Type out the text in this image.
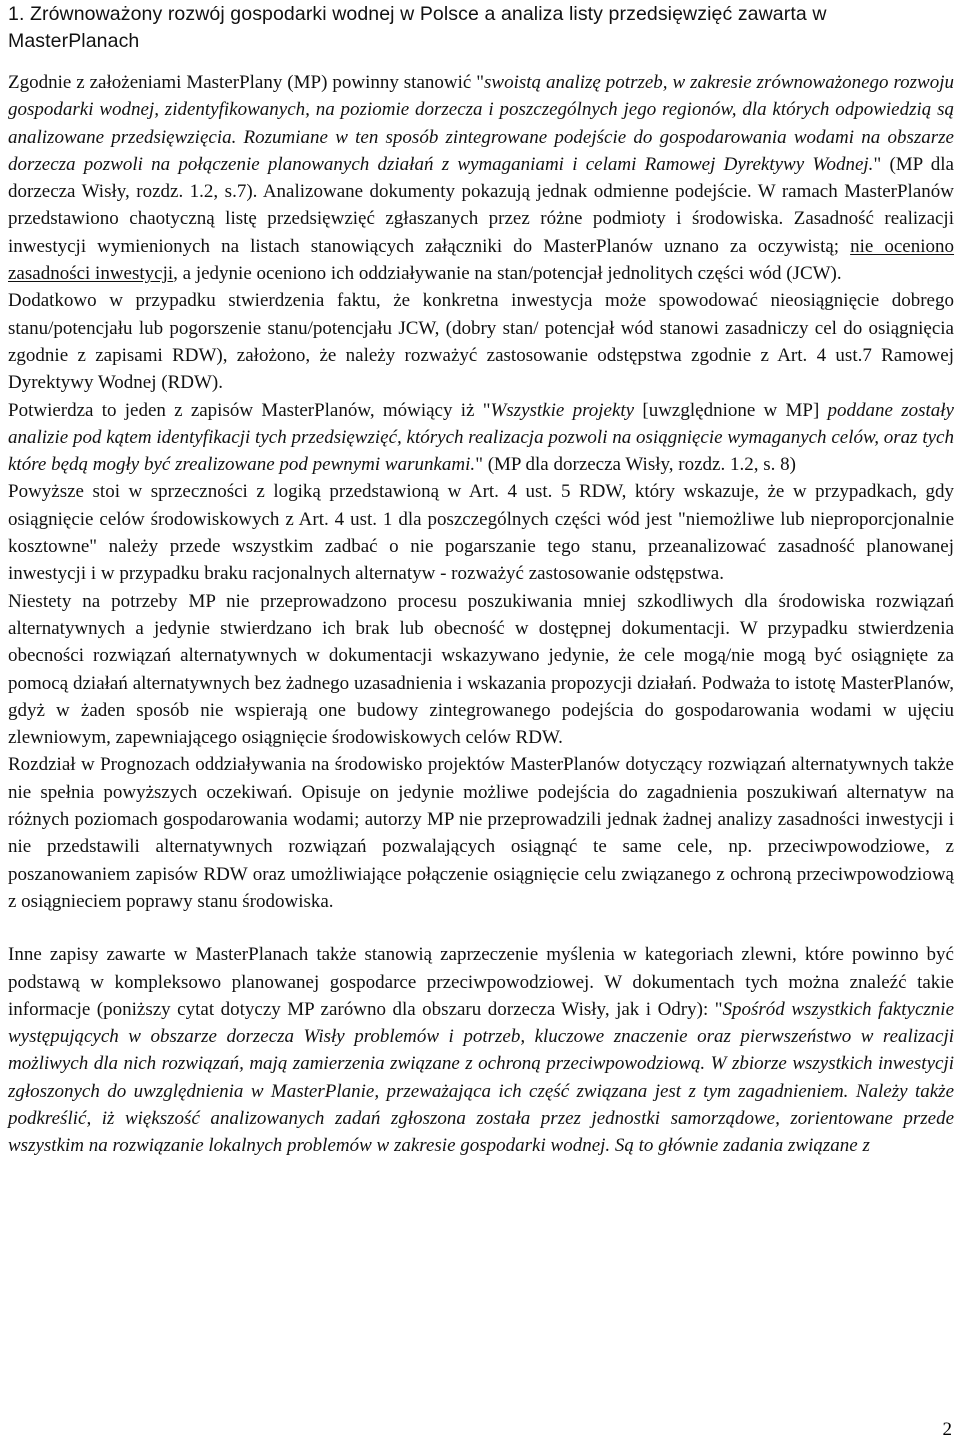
1. Zrównoważony rozwój gospodarki wodnej w Polsce a analiza listy przedsięwzięć zawarta w MasterPlanach

Zgodnie z założeniami MasterPlany (MP) powinny stanowić "swoistą analizę potrzeb, w zakresie zrównoważonego rozwoju gospodarki wodnej, zidentyfikowanych, na poziomie dorzecza i poszczególnych jego regionów, dla których odpowiedzią są analizowane przedsięwzięcia. Rozumiane w ten sposób zintegrowane podejście do gospodarowania wodami na obszarze dorzecza pozwoli na połączenie planowanych działań z wymaganiami i celami Ramowej Dyrektywy Wodnej." (MP dla dorzecza Wisły, rozdz. 1.2, s.7). Analizowane dokumenty pokazują jednak odmienne podejście. W ramach MasterPlanów przedstawiono chaotyczną listę przedsięwzięć zgłaszanych przez różne podmioty i środowiska. Zasadność realizacji inwestycji wymienionych na listach stanowiących załączniki do MasterPlanów uznano za oczywistą; nie oceniono zasadności inwestycji, a jedynie oceniono ich oddziaływanie na stan/potencjał jednolitych części wód (JCW).

Dodatkowo w przypadku stwierdzenia faktu, że konkretna inwestycja może spowodować nieosiągnięcie dobrego stanu/potencjału lub pogorszenie stanu/potencjału JCW, (dobry stan/ potencjał wód stanowi zasadniczy cel do osiągnięcia zgodnie z zapisami RDW), założono, że należy rozważyć zastosowanie odstępstwa zgodnie z Art. 4 ust.7 Ramowej Dyrektywy Wodnej (RDW).

Potwierdza to jeden z zapisów MasterPlanów, mówiący iż "Wszystkie projekty [uwzględnione w MP] poddane zostały analizie pod kątem identyfikacji tych przedsięwzięć, których realizacja pozwoli na osiągnięcie wymaganych celów, oraz tych które będą mogły być zrealizowane pod pewnymi warunkami." (MP dla dorzecza Wisły, rozdz. 1.2, s. 8)

Powyższe stoi w sprzeczności z logiką przedstawioną w Art. 4 ust. 5 RDW, który wskazuje, że w przypadkach, gdy osiągnięcie celów środowiskowych z Art. 4 ust. 1 dla poszczególnych części wód jest "niemożliwe lub nieproporcjonalnie kosztowne" należy przede wszystkim zadbać o nie pogarszanie tego stanu, przeanalizować zasadność planowanej inwestycji i w przypadku braku racjonalnych alternatyw - rozważyć zastosowanie odstępstwa.

Niestety na potrzeby MP nie przeprowadzono procesu poszukiwania mniej szkodliwych dla środowiska rozwiązań alternatywnych a jedynie stwierdzano ich brak lub obecność w dostępnej dokumentacji. W przypadku stwierdzenia obecności rozwiązań alternatywnych w dokumentacji wskazywano jedynie, że cele mogą/nie mogą być osiągnięte za pomocą działań alternatywnych bez żadnego uzasadnienia i wskazania propozycji działań. Podważa to istotę MasterPlanów, gdyż w żaden sposób nie wspierają one budowy zintegrowanego podejścia do gospodarowania wodami w ujęciu zlewniowym, zapewniającego osiągnięcie środowiskowych celów RDW.

Rozdział w Prognozach oddziaływania na środowisko projektów MasterPlanów dotyczący rozwiązań alternatywnych także nie spełnia powyższych oczekiwań. Opisuje on jedynie możliwe podejścia do zagadnienia poszukiwań alternatyw na różnych poziomach gospodarowania wodami; autorzy MP nie przeprowadzili jednak żadnej analizy zasadności inwestycji i nie przedstawili alternatywnych rozwiązań pozwalających osiągnąć te same cele, np. przeciwpowodziowe, z poszanowaniem zapisów RDW oraz umożliwiające połączenie osiągnięcie celu związanego z ochroną przeciwpowodziową z osiągnieciem poprawy stanu środowiska.

Inne zapisy zawarte w MasterPlanach także stanowią zaprzeczenie myślenia w kategoriach zlewni, które powinno być podstawą w kompleksowo planowanej gospodarce przeciwpowodziowej. W dokumentach tych można znaleźć takie informacje (poniższy cytat dotyczy MP zarówno dla obszaru dorzecza Wisły, jak i Odry): "Spośród wszystkich faktycznie występujących w obszarze dorzecza Wisły problemów i potrzeb, kluczowe znaczenie oraz pierwszeństwo w realizacji możliwych dla nich rozwiązań, mają zamierzenia związane z ochroną przeciwpowodziową. W zbiorze wszystkich inwestycji zgłoszonych do uwzględnienia w MasterPlanie, przeważająca ich część związana jest z tym zagadnieniem. Należy także podkreślić, iż większość analizowanych zadań zgłoszona została przez jednostki samorządowe, zorientowane przede wszystkim na rozwiązanie lokalnych problemów w zakresie gospodarki wodnej. Są to głównie zadania związane z

2
